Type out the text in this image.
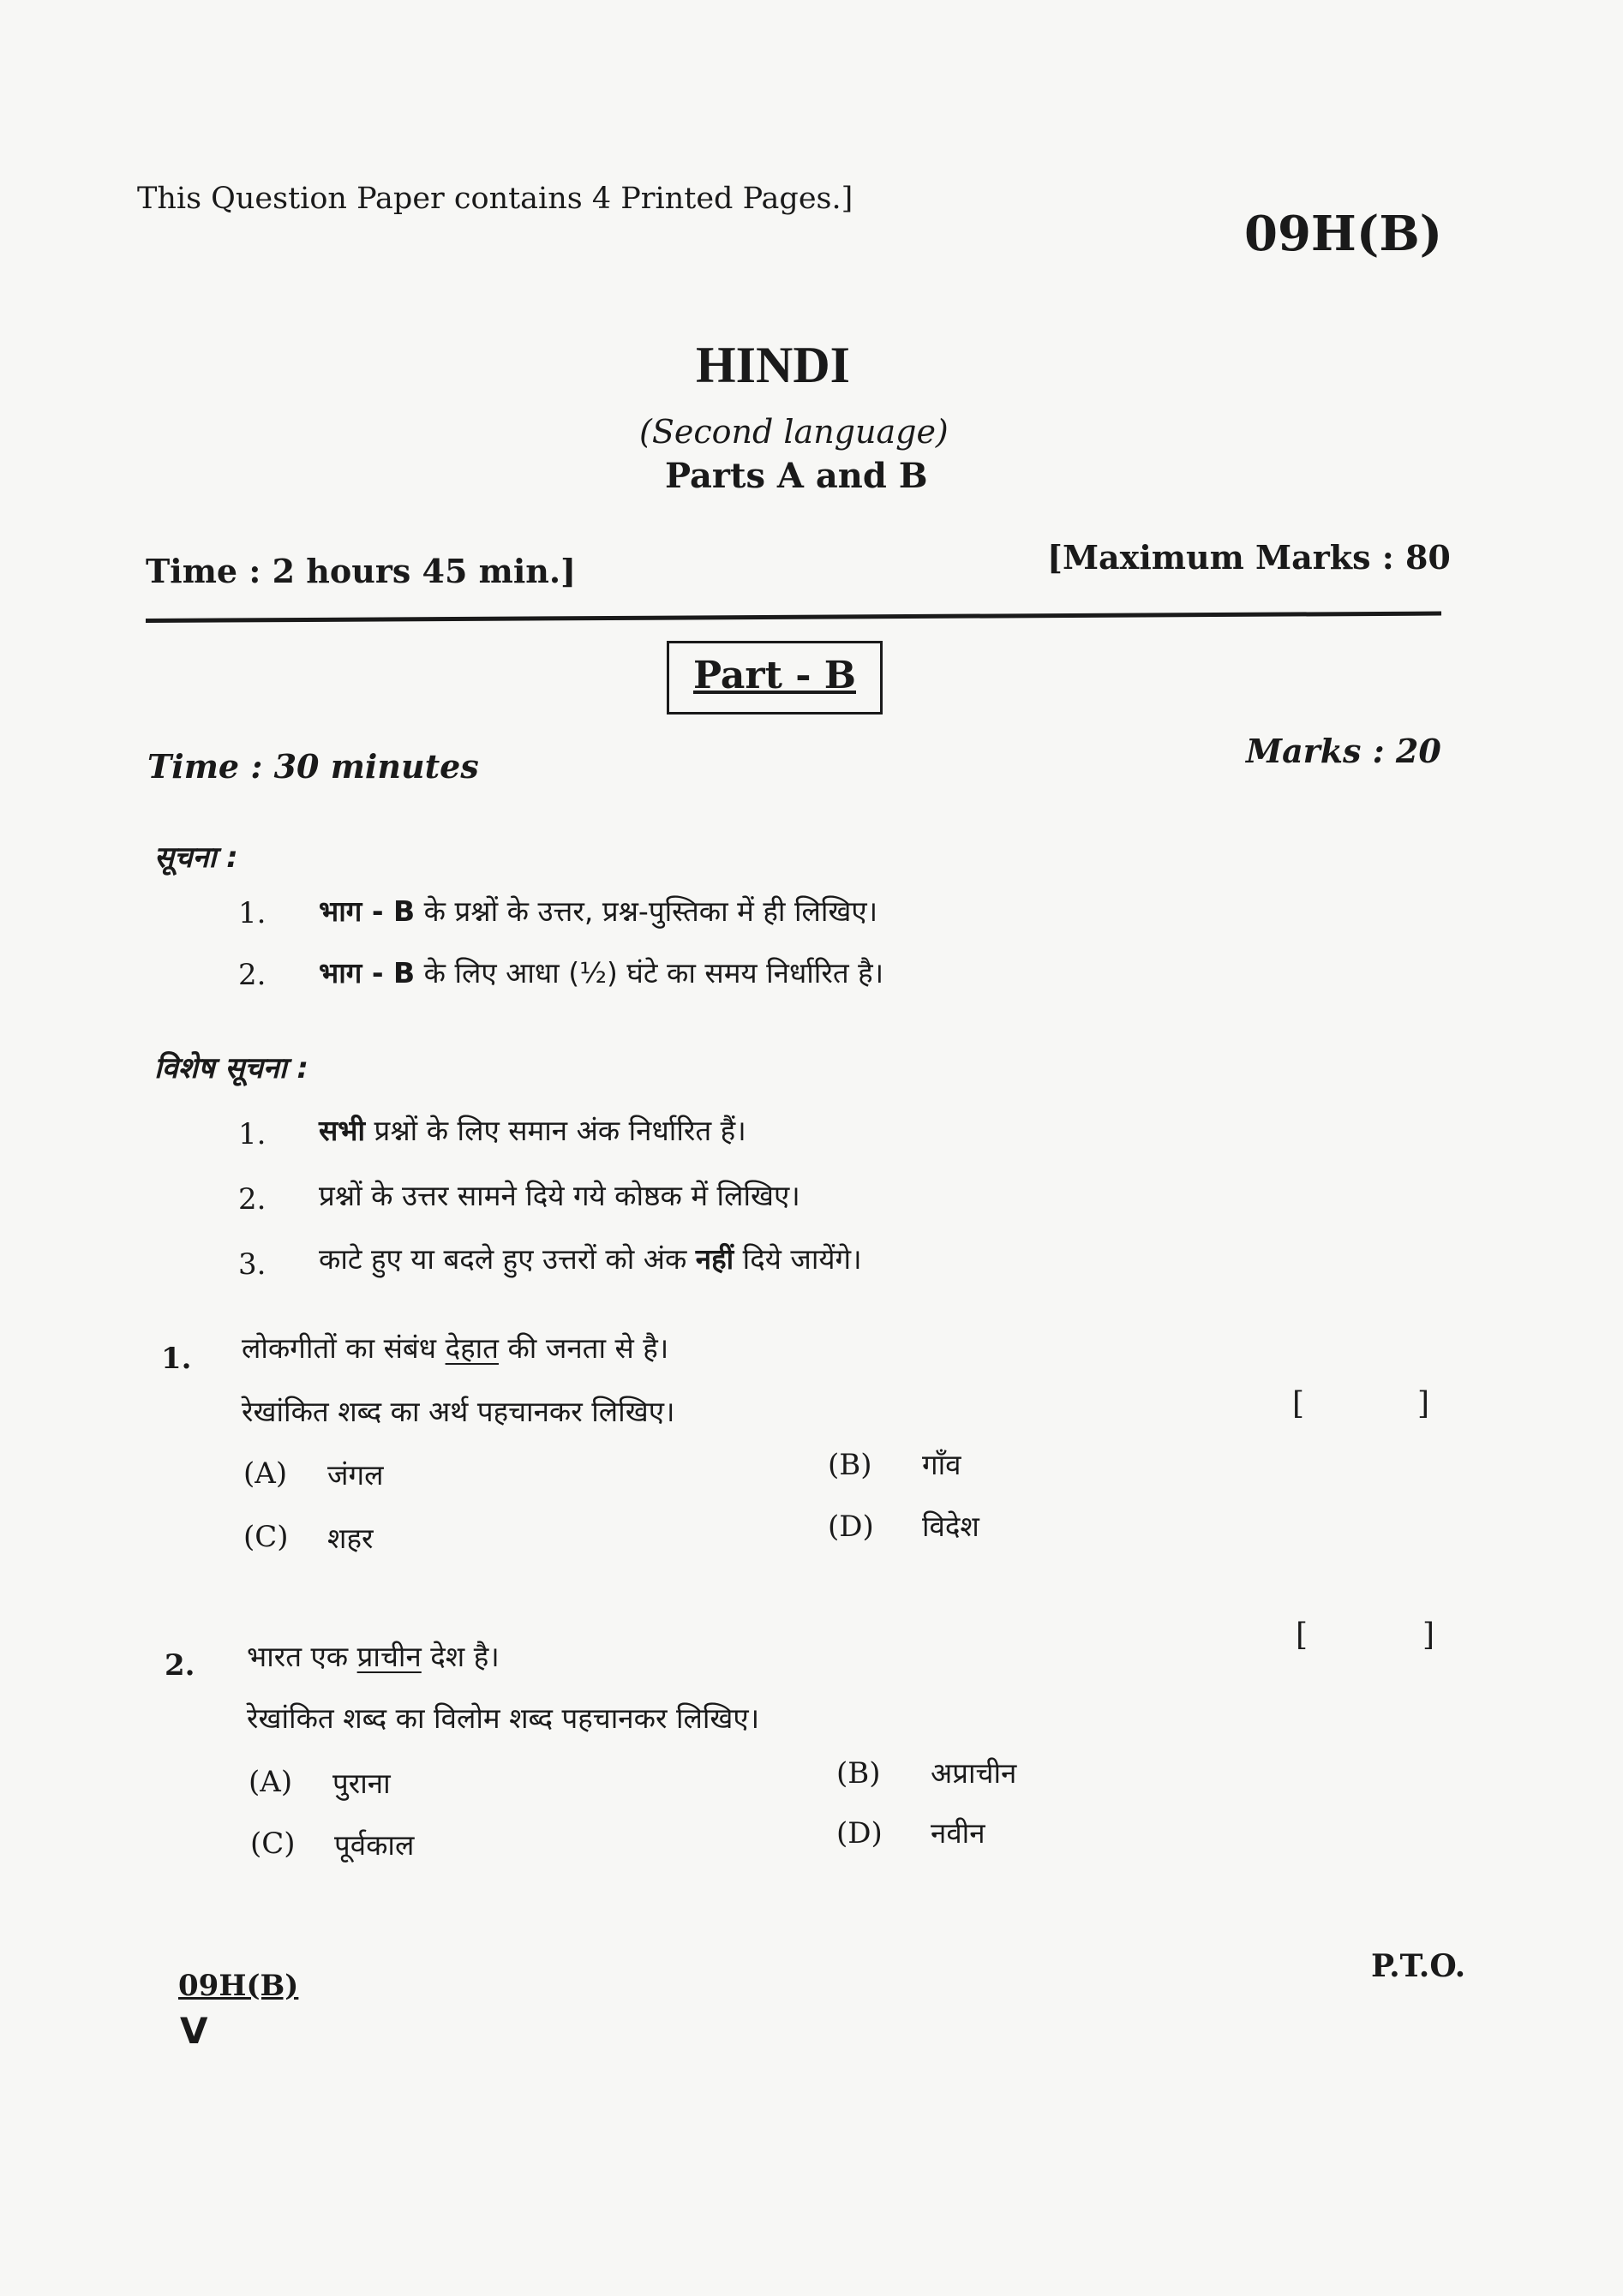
This Question Paper contains 4 Printed Pages.]
09H(B)
HINDI
(Second language)
Parts A and B
Time : 2 hours 45 min.]	[Maximum Marks : 80
Part - B
Time : 30 minutes	Marks : 20
सूचना :
1. भाग - B के प्रश्नों के उत्तर, प्रश्न-पुस्तिका में ही लिखिए।
2. भाग - B के लिए आधा (½) घंटे का समय निर्धारित है।
विशेष सूचना :
1. सभी प्रश्नों के लिए समान अंक निर्धारित हैं।
2. प्रश्नों के उत्तर सामने दिये गये कोष्ठक में लिखिए।
3. काटे हुए या बदले हुए उत्तरों को अंक नहीं दिये जायेंगे।
1. लोकगीतों का संबंध देहात की जनता से है।
रेखांकित शब्द का अर्थ पहचानकर लिखिए।	[	]
(A) जंगल	(B) गाँव
(C) शहर	(D) विदेश
2. भारत एक प्राचीन देश है।
[	]
रेखांकित शब्द का विलोम शब्द पहचानकर लिखिए।
(A) पुराना	(B) अप्राचीन
(C) पूर्वकाल	(D) नवीन
09H(B)
V
P.T.O.
